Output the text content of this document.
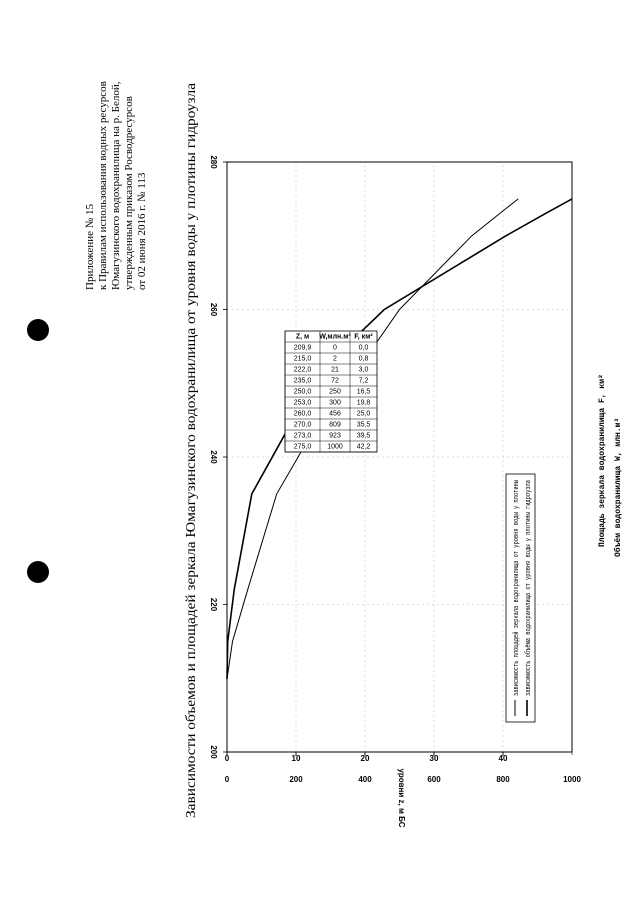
Приложение № 15 к Правилам использования водных ресурсов Юмагузинского водохранилища на р. Белой, утвержденным приказом Росводресурсов от 02 июня 2016 г. № 113	Зависимости объемов и площадей зеркала Юмагузинского водохранилища от уровня воды у плотины гидроузла 200
220
240
260
280
0	10	20	30	40
0	200	400	600	800	1000
зависимость площадей зеркала водохранилища от уровня воды у плотины зависимость объёма водохранилища от уровня воды у плотины гидроузла
Z, м W,млн.м³ F, км²
209,9	0	0,0
215,0	2	0,8
222,0	21	3,0
235,0	72	7,2
250,0	250 16,5
253,0	300 19,8
260,0	456 25,0
270,0	809 35,5
273,0	923 39,5
275,0 1000 42,2
уровни z, м БС
Площадь зеркала водохранилища F, км² Объём водохранилища W, млн.м³
